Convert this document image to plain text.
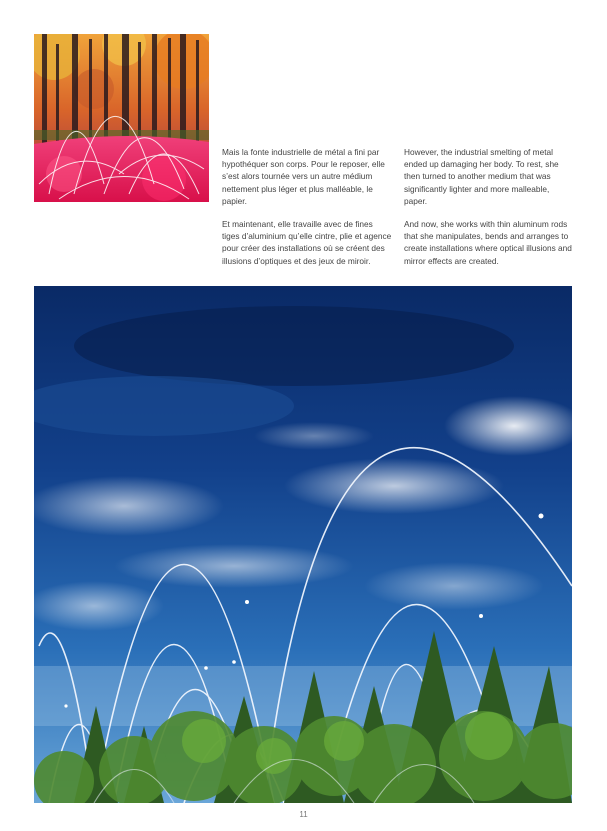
Mais la fonte industrielle de métal a fini par hypothéquer son corps. Pour le reposer, elle s’est alors tournée vers un autre médium nettement plus léger et plus malléable, le papier.

Et maintenant, elle travaille avec de fines tiges d’aluminium qu’elle cintre, plie et agence pour créer des installations où se créent des illusions d’optiques et des jeux de miroir.

However, the industrial smelting of metal ended up damaging her body. To rest, she then turned to another medium that was significantly lighter and more malleable, paper.

And now, she works with thin aluminum rods that she manipulates, bends and arranges to create installations where optical illusions and mirror effects are created.

11
